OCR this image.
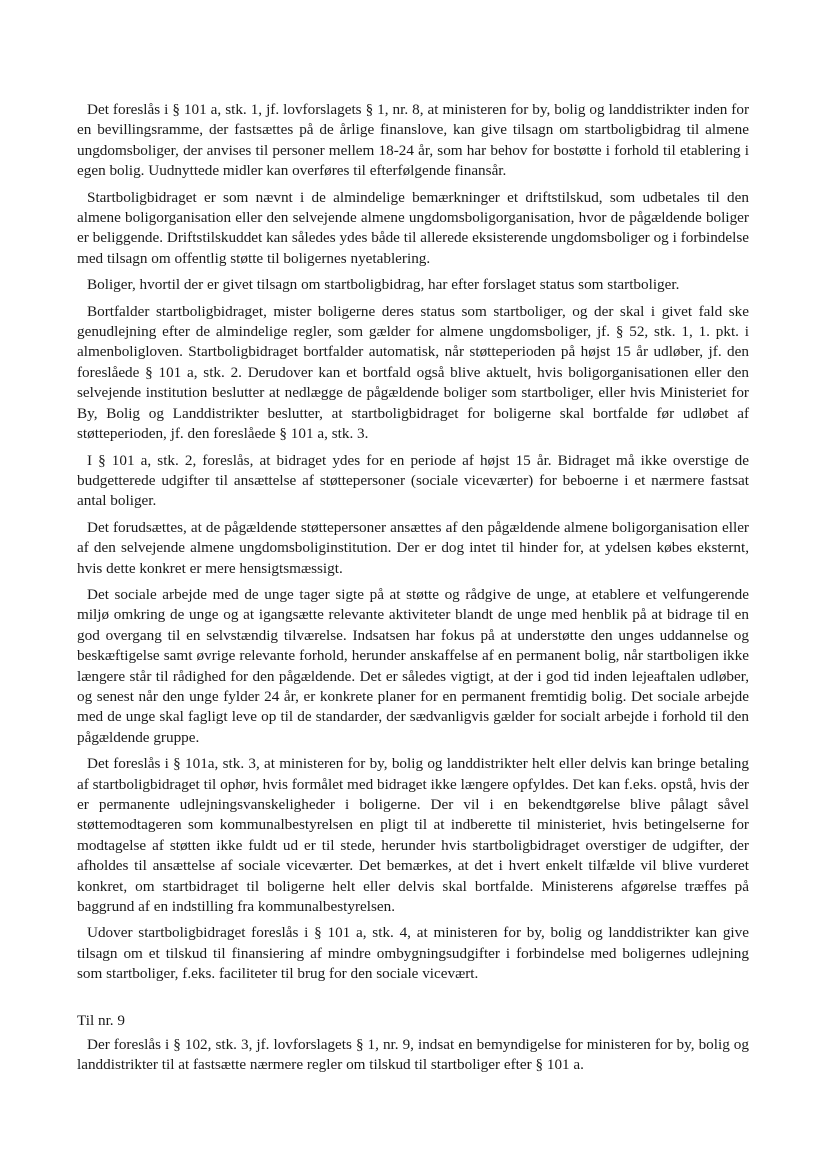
Det foreslås i § 101 a, stk. 1, jf. lovforslagets § 1, nr. 8, at ministeren for by, bolig og landdistrikter inden for en bevillingsramme, der fastsættes på de årlige finanslove, kan give tilsagn om startboligbidrag til almene ungdomsboliger, der anvises til personer mellem 18-24 år, som har behov for bostøtte i forhold til etablering i egen bolig. Uudnyttede midler kan overføres til efterfølgende finansår.

Startboligbidraget er som nævnt i de almindelige bemærkninger et driftstilskud, som udbetales til den almene boligorganisation eller den selvejende almene ungdomsboligorganisation, hvor de pågældende boliger er beliggende. Driftstilskuddet kan således ydes både til allerede eksisterende ungdomsboliger og i forbindelse med tilsagn om offentlig støtte til boligernes nyetablering.

Boliger, hvortil der er givet tilsagn om startboligbidrag, har efter forslaget status som startboliger.

Bortfalder startboligbidraget, mister boligerne deres status som startboliger, og der skal i givet fald ske genudlejning efter de almindelige regler, som gælder for almene ungdomsboliger, jf. § 52, stk. 1, 1. pkt. i almenboligloven. Startboligbidraget bortfalder automatisk, når støtteperioden på højst 15 år udløber, jf. den foreslåede § 101 a, stk. 2. Derudover kan et bortfald også blive aktuelt, hvis boligorganisationen eller den selvejende institution beslutter at nedlægge de pågældende boliger som startboliger, eller hvis Ministeriet for By, Bolig og Landdistrikter beslutter, at startboligbidraget for boligerne skal bortfalde før udløbet af støtteperioden, jf. den foreslåede § 101 a, stk. 3.

I § 101 a, stk. 2, foreslås, at bidraget ydes for en periode af højst 15 år. Bidraget må ikke overstige de budgetterede udgifter til ansættelse af støttepersoner (sociale viceværter) for beboerne i et nærmere fastsat antal boliger.

Det forudsættes, at de pågældende støttepersoner ansættes af den pågældende almene boligorganisation eller af den selvejende almene ungdomsboliginstitution. Der er dog intet til hinder for, at ydelsen købes eksternt, hvis dette konkret er mere hensigtsmæssigt.

Det sociale arbejde med de unge tager sigte på at støtte og rådgive de unge, at etablere et velfungerende miljø omkring de unge og at igangsætte relevante aktiviteter blandt de unge med henblik på at bidrage til en god overgang til en selvstændig tilværelse. Indsatsen har fokus på at understøtte den unges uddannelse og beskæftigelse samt øvrige relevante forhold, herunder anskaffelse af en permanent bolig, når startboligen ikke længere står til rådighed for den pågældende. Det er således vigtigt, at der i god tid inden lejeaftalen udløber, og senest når den unge fylder 24 år, er konkrete planer for en permanent fremtidig bolig. Det sociale arbejde med de unge skal fagligt leve op til de standarder, der sædvanligvis gælder for socialt arbejde i forhold til den pågældende gruppe.

Det foreslås i § 101a, stk. 3, at ministeren for by, bolig og landdistrikter helt eller delvis kan bringe betaling af startboligbidraget til ophør, hvis formålet med bidraget ikke længere opfyldes. Det kan f.eks. opstå, hvis der er permanente udlejningsvanskeligheder i boligerne. Der vil i en bekendtgørelse blive pålagt såvel støttemodtageren som kommunalbestyrelsen en pligt til at indberette til ministeriet, hvis betingelserne for modtagelse af støtten ikke fuldt ud er til stede, herunder hvis startboligbidraget overstiger de udgifter, der afholdes til ansættelse af sociale viceværter. Det bemærkes, at det i hvert enkelt tilfælde vil blive vurderet konkret, om startbidraget til boligerne helt eller delvis skal bortfalde. Ministerens afgørelse træffes på baggrund af en indstilling fra kommunalbestyrelsen.

Udover startboligbidraget foreslås i § 101 a, stk. 4, at ministeren for by, bolig og landdistrikter kan give tilsagn om et tilskud til finansiering af mindre ombygningsudgifter i forbindelse med boligernes udlejning som startboliger, f.eks. faciliteter til brug for den sociale vicevært.

Til nr. 9

Der foreslås i § 102, stk. 3, jf. lovforslagets § 1, nr. 9, indsat en bemyndigelse for ministeren for by, bolig og landdistrikter til at fastsætte nærmere regler om tilskud til startboliger efter § 101 a.
